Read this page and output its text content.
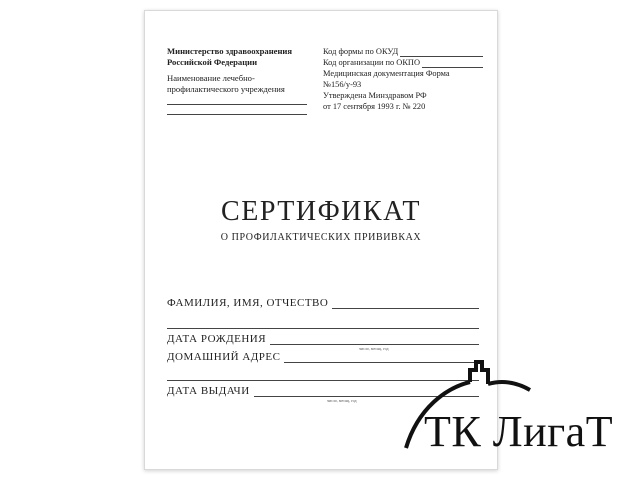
Министерство здравоохранения
Российской Федерации
Наименование лечебно-
профилактического учреждения
Код формы по ОКУД
Код организации по ОКПО
Медицинская документация Форма
№156/у-93
Утверждена Минздравом РФ
от 17 сентября 1993 г. № 220
СЕРТИФИКАТ
О ПРОФИЛАКТИЧЕСКИХ ПРИВИВКАХ
ФАМИЛИЯ, ИМЯ, ОТЧЕСТВО
ДАТА РОЖДЕНИЯ
число, месяц, год
ДОМАШНИЙ АДРЕС
ДАТА ВЫДАЧИ
число, месяц, год
ТК ЛигаТ
